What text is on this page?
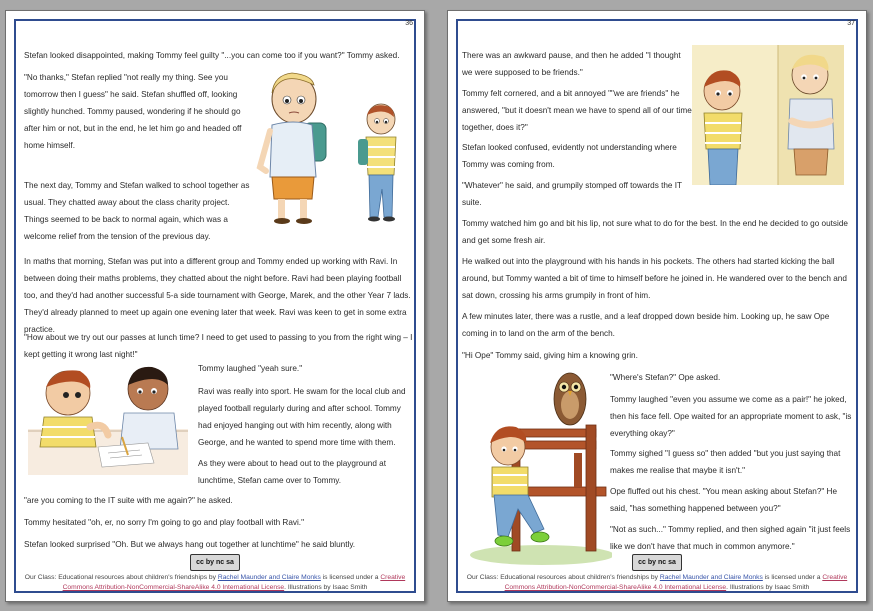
36
Stefan looked disappointed, making Tommy feel guilty "...you can come too if you want?" Tommy asked.
"No thanks," Stefan replied "not really my thing. See you tomorrow then I guess" he said. Stefan shuffled off, looking slightly hunched. Tommy paused, wondering if he should go after him or not, but in the end, he let him go and headed off home himself.
The next day, Tommy and Stefan walked to school together as usual. They chatted away about the class charity project. Things seemed to be back to normal again, which was a welcome relief from the tension of the previous day.
In maths that morning, Stefan was put into a different group and Tommy ended up working with Ravi. In between doing their maths problems, they chatted about the night before. Ravi had been playing football too, and they'd had another successful 5-a side tournament with George, Marek, and the other Year 7 lads. They'd already planned to meet up again one evening later that week. Ravi was keen to get in some extra practice.
"How about we try out our passes at lunch time? I need to get used to passing to you from the right wing – I kept getting it wrong last night!"
Tommy laughed "yeah sure."
Ravi was really into sport. He swam for the local club and played football regularly during and after school. Tommy had enjoyed hanging out with him recently, along with George, and he wanted to spend more time with them.
As they were about to head out to the playground at lunchtime, Stefan came over to Tommy.
"are you coming to the IT suite with me again?" he asked.
Tommy hesitated "oh, er, no sorry I'm going to go and play football with Ravi."
Stefan looked surprised "Oh. But we always hang out together at lunchtime" he said bluntly.
cc by nc sa
Our Class: Educational resources about children's friendships by Rachel Maunder and Claire Monks is licensed under a Creative Commons Attribution-NonCommercial-ShareAlike 4.0 International License. Illustrations by Isaac Smith
37
There was an awkward pause, and then he added "I thought we were supposed to be friends."
Tommy felt cornered, and a bit annoyed ""we are friends" he answered, "but it doesn't mean we have to spend all of our time together, does it?"
Stefan looked confused, evidently not understanding where Tommy was coming from.
"Whatever" he said, and grumpily stomped off towards the IT suite.
Tommy watched him go and bit his lip, not sure what to do for the best. In the end he decided to go outside and get some fresh air.
He walked out into the playground with his hands in his pockets. The others had started kicking the ball around, but Tommy wanted a bit of time to himself before he joined in. He wandered over to the bench and sat down, crossing his arms grumpily in front of him.
A few minutes later, there was a rustle, and a leaf dropped down beside him. Looking up, he saw Ope coming in to land on the arm of the bench.
"Hi Ope" Tommy said, giving him a knowing grin.
"Where's Stefan?" Ope asked.
Tommy laughed "even you assume we come as a pair!" he joked, then his face fell. Ope waited for an appropriate moment to ask, "is everything okay?"
Tommy sighed "I guess so" then added "but you just saying that makes me realise that maybe it isn't."
Ope fluffed out his chest. "You mean asking about Stefan?" He said, "has something happened between you?"
"Not as such..." Tommy replied, and then sighed again "it just feels like we don't have that much in common anymore."
cc by nc sa
Our Class: Educational resources about children's friendships by Rachel Maunder and Claire Monks is licensed under a Creative Commons Attribution-NonCommercial-ShareAlike 4.0 International License. Illustrations by Isaac Smith
